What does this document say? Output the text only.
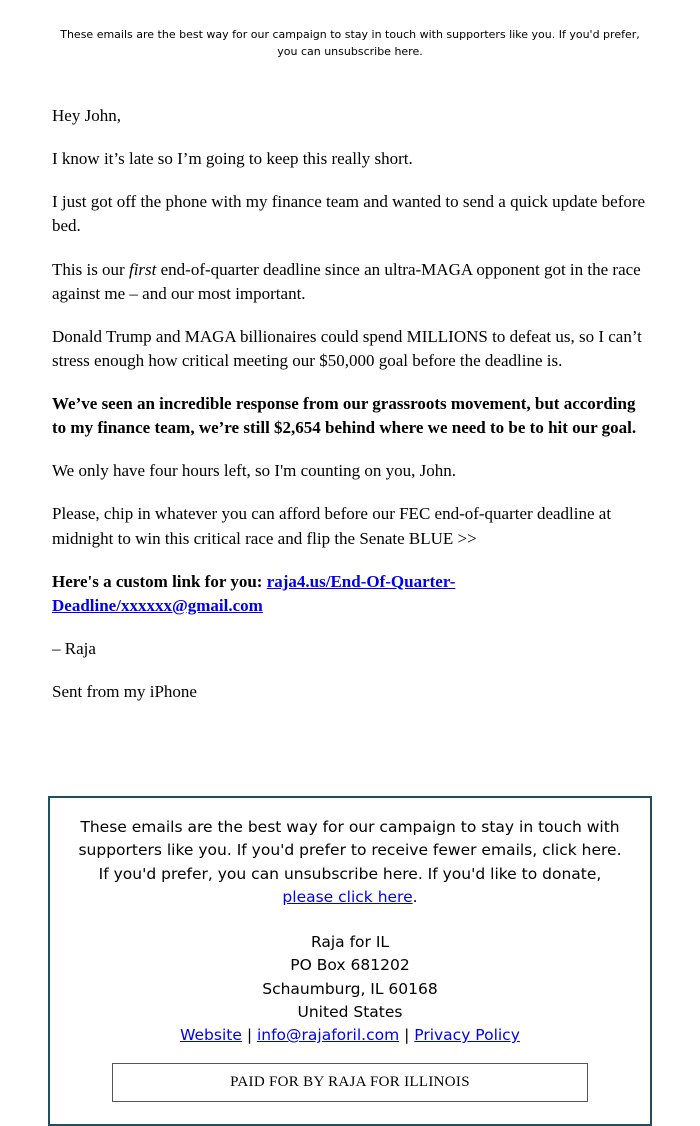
These emails are the best way for our campaign to stay in touch with supporters like you. If you'd prefer, you can unsubscribe here.

Hey John,

I know it’s late so I’m going to keep this really short.

I just got off the phone with my finance team and wanted to send a quick update before bed.

This is our first end-of-quarter deadline since an ultra-MAGA opponent got in the race against me – and our most important.

Donald Trump and MAGA billionaires could spend MILLIONS to defeat us, so I can’t stress enough how critical meeting our $50,000 goal before the deadline is.

We’ve seen an incredible response from our grassroots movement, but according to my finance team, we’re still $2,654 behind where we need to be to hit our goal.

We only have four hours left, so I'm counting on you, John.

Please, chip in whatever you can afford before our FEC end-of-quarter deadline at midnight to win this critical race and flip the Senate BLUE >>

Here's a custom link for you: raja4.us/End-Of-Quarter-Deadline/xxxxxx@gmail.com

– Raja

Sent from my iPhone

These emails are the best way for our campaign to stay in touch with supporters like you. If you'd prefer to receive fewer emails, click here. If you'd prefer, you can unsubscribe here. If you'd like to donate, please click here.

Raja for IL
PO Box 681202
Schaumburg, IL 60168
United States
Website | info@rajaforil.com | Privacy Policy
PAID FOR BY RAJA FOR ILLINOIS
